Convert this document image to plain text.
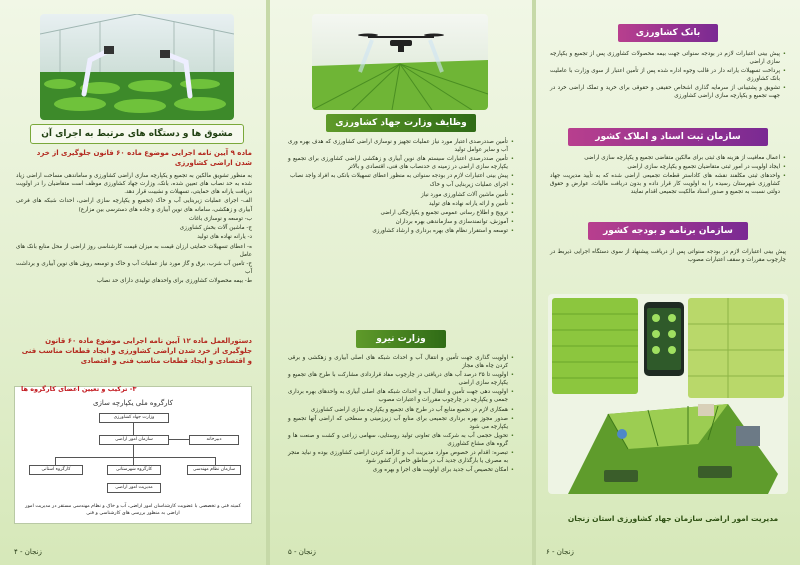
مشوق ها و دستگاه های مرتبط به اجرای آن
ماده ۹ آیین نامه اجرایی موضوع ماده ۶۰ قانون جلوگیری از خرد شدن اراضی کشاورزی

به منظور تشویق مالکین به تجمیع و یکپارچه سازی اراضی کشاورزی و ساماندهی مساحت اراضی زیاد شده به حد نصاب های تعیین شده، بانک، وزارت جهاد کشاورزی موظف است متقاضیان را در اولویت دریافت یارانه های حمایتی، تسهیلات و نشیبت قرار دهد.

الف- اجرای عملیات زیربنایی آب و خاک (تجمیع و یکپارچه سازی اراضی، احداث شبکه های فرعی آبیاری و زهکشی، سامانه های نوین آبیاری و جاده های دسترسی بین مزارع)

ب- توسعه و نوسازی باغات

ج- ماشین آلات بخش کشاورزی

د- یارانه نهاده های تولید

ه- اعطای تسهیلات حمایتی ارزان قیمت به میزان قیمت کارشناسی روز اراضی از محل منابع بانک های عامل

ح- تامین آب شرب، برق و گاز مورد نیاز عملیات آب و خاک و توسعه روش های نوین آبیاری و برداشت آب

ط- بیمه محصولات کشاورزی برای واحدهای تولیدی دارای حد نصاب

دستورالعمل ماده ۱۲ آیین نامه اجرایی موضوع ماده ۶۰ قانون جلوگیری از خرد شدن اراضی کشاورزی و ایجاد قطعات مناسب فنی و اقتصادی و ایجاد قطعات مناسب فنی و اقتصادی
۳- ترکیب و تعیین اعضای کارگروه ها
کارگروه ملی یکپارچه سازی
وزارت جهاد کشاورزی
سازمان امور اراضی	دبیرخانه
کارگروه استانی	کارگروه شهرستانی	سازمان نظام مهندسی
مدیریت امور اراضی
کمیته فنی و تخصصی با عضویت کارشناسان امور اراضی، آب و خاک و نظام مهندسی مستقر در مدیریت امور اراضی به منظور بررسی های کارشناسی و فنی
زنجان - ۴
وظایف وزارت جهاد کشاورزی
• تأمین صددرصدی اعتبار مورد نیاز عملیات تجهیز و نوسازی اراضی کشاورزی که هدف بهره وری آب و سایر عوامل تولید
• تأمین صددرصدی اعتبارات سیستم های نوین آبیاری و زهکشی اراضی کشاورزی برای تجمیع و یکپارچه سازی اراضی در زمینه ی حدنصاب های فنی، اقتصادی و بالاتر
• پیش بینی اعتبارات لازم در بودجه سنواتی به منظور اعطای تسهیلات بانکی به افراد واجد نصاب
• اجرای عملیات زیربنایی آب و خاک
• تأمین ماشین آلات کشاورزی مورد نیاز
• تأمین و ارائه یارانه نهاده های تولید
• ترویج و اطلاع رسانی عمومی تجمیع و یکپارچگی اراضی
• آموزش، توانمندسازی و سازماندهی بهره برداران
• توسعه و استقرار نظام های بهره برداری و ارشاد کشاورزی
وزارت نیرو
• اولویت گذاری جهت تأمین و انتقال آب و احداث شبکه های اصلی آبیاری و زهکشی و برقی کردن چاه های مجاز
• اولویت تا ۳۵ درصد آب های دریافتی در چارچوب مفاد قراردادی مشارکت با طرح های تجمیع و یکپارچه سازی اراضی
• اولویت دهی جهت تأمین و انتقال آب و احداث شبکه های اصلی آبیاری به واحدهای بهره برداری جمعی و یکپارچه در چارچوب مقررات و اعتبارات مصوب
• همکاری لازم در تجمیع منابع آب در طرح های تجمیع و یکپارچه سازی اراضی کشاورزی
• صدور مجوز بهره برداری تجمیعی برای منابع آب زیرزمینی و سطحی که اراضی آنها تجمیع و یکپارچه می شود
• تحویل حجمی آب به شرکت های تعاونی تولید روستایی، سهامی زراعی و کشت و صنعت ها و گروه های مشاع کشاورزی
• تبصره: اقدام در خصوص موارد مدیریت آب و کارآمد کردن اراضی کشاورزی بوده و نباید منجر به مصرف یا بارگذاری جدید آب در مناطق خاص از کشور شود
• امکان تخصیص آب جدید برای اولویت های اجرا و بهره وری
زنجان - ۵
بانک کشاورزی
• پیش بینی اعتبارات لازم در بودجه سنواتی جهت بیمه محصولات کشاورزی پس از تجمیع و یکپارچه سازی اراضی
• پرداخت تسهیلات یارانه دار در قالب وجوه اداره شده پس از تأمین اعتبار از سوی وزارت با عاملیت بانک کشاورزی
• تشویق و پشتیبانی از سرمایه گذاری اشخاص حقیقی و حقوقی برای خرید و تملک اراضی خرد در جهت تجمیع و یکپارچه سازی اراضی کشاورزی
سازمان ثبت اسناد و املاک کشور
• اعمال معافیت از هزینه های ثبتی برای مالکین متقاضی تجمیع و یکپارچه سازی اراضی
• ایجاد اولویت در امور ثبتی متقاضیان تجمیع و یکپارچه سازی اراضی
• واحدهای ثبتی مکلفند نقشه های کاداستر قطعات تجمیعی اراضی شده که به تأیید مدیریت جهاد کشاورزی شهرستان رسیده را به اولویت کار قرار داده و بدون دریافت مالیات، عوارض و حقوق دولتی نسبت به تجمیع و صدور اسناد مالکیت تجمیعی اقدام نمایند
سازمان برنامه و بودجه کشور

پیش بینی اعتبارات لازم در بودجه سنواتی پس از دریافت پیشنهاد از سوی دستگاه اجرایی ذیربط در چارچوب مقررات و سقف اعتبارات مصوب

مدیریت امور اراضی سازمان جهاد کشاورزی استان زنجان
زنجان - ۶
